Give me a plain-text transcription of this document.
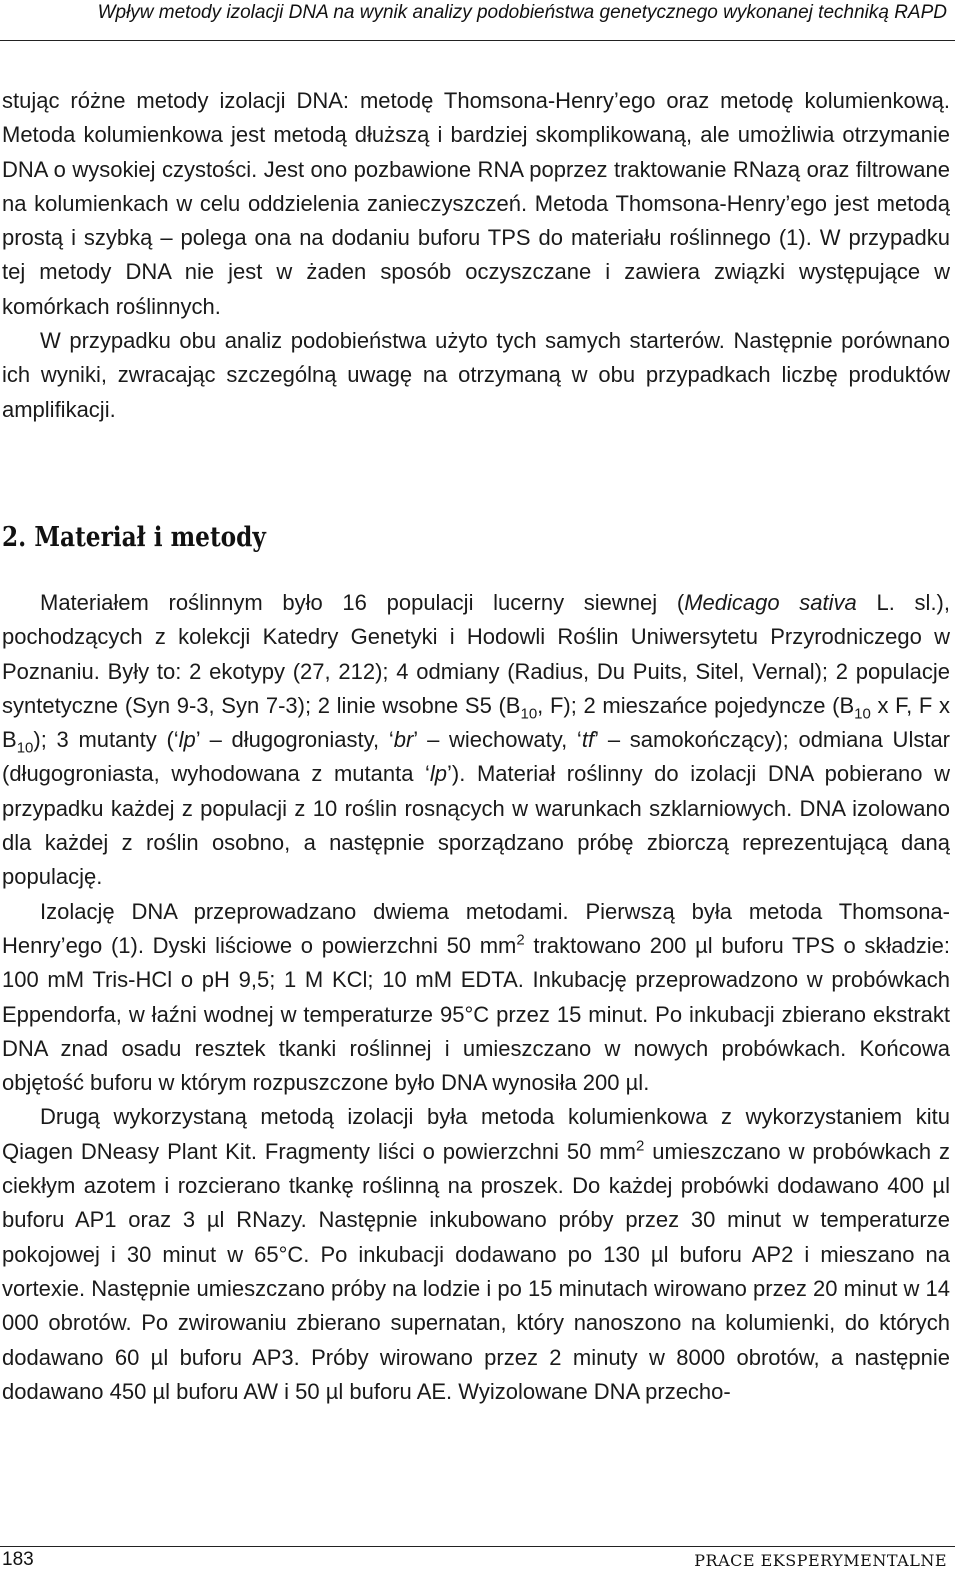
Wpływ metody izolacji DNA na wynik analizy podobieństwa genetycznego wykonanej techniką RAPD

stując różne metody izolacji DNA: metodę Thomsona-Henry’ego oraz metodę kolumienkową. Metoda kolumienkowa jest metodą dłuższą i bardziej skomplikowaną, ale umożliwia otrzymanie DNA o wysokiej czystości. Jest ono pozbawione RNA poprzez traktowanie RNazą oraz filtrowane na kolumienkach w celu oddzielenia zanieczyszczeń. Metoda Thomsona-Henry’ego jest metodą prostą i szybką – polega ona na dodaniu buforu TPS do materiału roślinnego (1). W przypadku tej metody DNA nie jest w żaden sposób oczyszczane i zawiera związki występujące w komórkach roślinnych.

W przypadku obu analiz podobieństwa użyto tych samych starterów. Następnie porównano ich wyniki, zwracając szczególną uwagę na otrzymaną w obu przypadkach liczbę produktów amplifikacji.

2. Materiał i metody

Materiałem roślinnym było 16 populacji lucerny siewnej (Medicago sativa L. sl.), pochodzących z kolekcji Katedry Genetyki i Hodowli Roślin Uniwersytetu Przyrodniczego w Poznaniu. Były to: 2 ekotypy (27, 212); 4 odmiany (Radius, Du Puits, Sitel, Vernal); 2 populacje syntetyczne (Syn 9-3, Syn 7-3); 2 linie wsobne S5 ($B_{10}$, F); 2 mieszańce pojedyncze ($B_{10}$ x F, F x $B_{10}$); 3 mutanty (‘lp’ – długogroniasty, ‘br’ – wiechowaty, ‘tf’ – samokończący); odmiana Ulstar (długogroniasta, wyhodowana z mutanta ‘lp’). Materiał roślinny do izolacji DNA pobierano w przypadku każdej z populacji z 10 roślin rosnących w warunkach szklarniowych. DNA izolowano dla każdej z roślin osobno, a następnie sporządzano próbę zbiorczą reprezentującą daną populację.

Izolację DNA przeprowadzano dwiema metodami. Pierwszą była metoda Thomsona-Henry’ego (1). Dyski liściowe o powierzchni 50 $mm^2$ traktowano 200 µl buforu TPS o składzie: 100 mM Tris-HCl o pH 9,5; 1 M KCl; 10 mM EDTA. Inkubację przeprowadzono w probówkach Eppendorfa, w łaźni wodnej w temperaturze 95°C przez 15 minut. Po inkubacji zbierano ekstrakt DNA znad osadu resztek tkanki roślinnej i umieszczano w nowych probówkach. Końcowa objętość buforu w którym rozpuszczone było DNA wynosiła 200 µl.

Drugą wykorzystaną metodą izolacji była metoda kolumienkowa z wykorzystaniem kitu Qiagen DNeasy Plant Kit. Fragmenty liści o powierzchni 50 $mm^2$ umieszczano w probówkach z ciekłym azotem i rozcierano tkankę roślinną na proszek. Do każdej probówki dodawano 400 µl buforu AP1 oraz 3 µl RNazy. Następnie inkubowano próby przez 30 minut w temperaturze pokojowej i 30 minut w 65°C. Po inkubacji dodawano po 130 µl buforu AP2 i mieszano na vortexie. Następnie umieszczano próby na lodzie i po 15 minutach wirowano przez 20 minut w 14 000 obrotów. Po zwirowaniu zbierano supernatan, który nanoszono na kolumienki, do których dodawano 60 µl buforu AP3. Próby wirowano przez 2 minuty w 8000 obrotów, a następnie dodawano 450 µl buforu AW i 50 µl buforu AE. Wyizolowane DNA przecho-

183	PRACE EKSPERYMENTALNE
